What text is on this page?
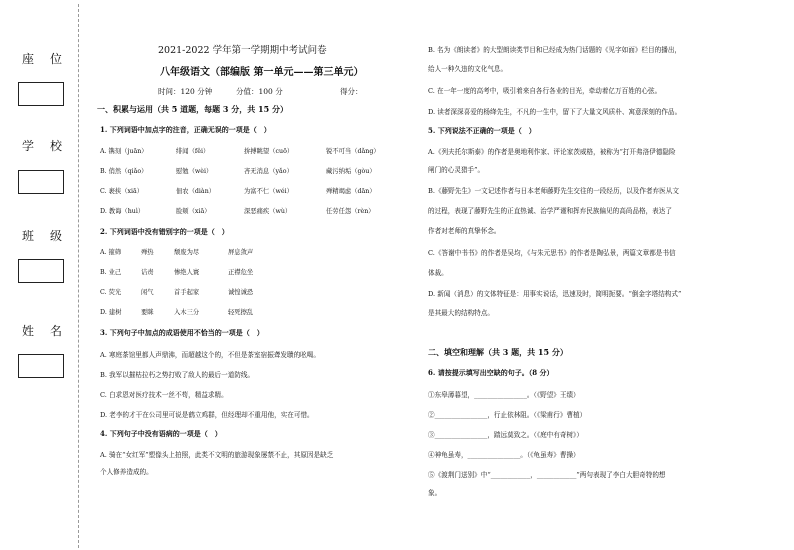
座位
学校
班级
姓名
2021-2022 学年第一学期期中考试问卷
八年级语文（部编版 第一单元——第三单元）
时间：120 分钟	分值：100 分	得分：
一、积累与运用（共 5 道题，每题 3 分，共 15 分）
1. 下列词语中加点字的注音，正确无误的一项是（　）
A. 镌刻（juān）	绯闻（fěi）	拚搏眺望（cuō）	锐不可当（dǎng）
B. 俏然（qiǎo）	慰勉（wèi）	吝无消息（yǎo）	藏污纳垢（gòu）
C. 裹挟（xiā）	佃农（diàn）	为富不仁（wéi）	殚精竭虑（dān）
D. 教诲（huì）	脸颊（xiā）	深恶痛疾（wù）	任劳任怨（rèn）
2. 下列词语中没有错别字的一项是（　）
A. 箍筛	殚热	颓废为尽	屏息敛声
B. 业己	诘责	惨绝人寰	正襟危坐
C. 荧光	闲气	首手起家	诚惶诚恐
D. 建树	要眯	入木三分	轻死擦乱
3. 下列句子中加点的成语使用不恰当的一项是（　）
A. 寒庭茶馆里都人声鼎沸，而超越这个的，不但是茶室宿振聋发聩的吆喝。
B. 我军以摧枯拉朽之势打败了敌人的最后一道防线。
C. 白求恩对医疗技术一丝不苟，精益求精。
D. 老李的才干在公司里可说是鹤立鸡群，但经理却不重用他，实在可惜。
4. 下列句子中没有语病的一项是（　）
A. 骑在“女红军”塑像头上拍照，此类不文明的旅游现象屡禁不止，其原因是缺乏
个人修养造成的。
B. 名为《朗读者》的大型朗读类节目和已经成为热门话题的《见字如面》栏目的播出，
给人一种久违的文化气息。
C. 在一年一度的高考中，吸引着来自各行各业的目光，牵动着亿万百姓的心弦。
D. 读者深深喜爱的杨绛先生，不凡的一生中，留下了大量文风质朴、寓意深刻的作品。
5. 下列说法不正确的一项是（　）
A.《列夫托尔斯泰》的作者是奥地利作家、评论家茨威格，被称为“打开弗洛伊德隐险
闸门的心灵猎手”。
B.《藤野先生》一文记述作者与日本老师藤野先生交往的一段经历，以及作者弃医从文
的过程，表现了藤野先生的正直热诚、治学严谨和挥弃民族偏见的高尚品格，表达了
作者对老师的真挚怀念。
C.《答谢中书书》的作者是吴均，《与朱元思书》的作者是陶弘景，两篇文章都是书信
体裁。
D. 新闻（消息）的文体特征是：用事实说话，迅速及时，简明扼要。“倒金字塔结构式”
是其最大的结构特点。
二、填空和理解（共 3 题，共 15 分）
6. 请按提示填写出空缺的句子。（8 分）
①东皋薄暮望，________________。（《野望》王绩）
②________________，行止依林阻。（《梁甫行》曹植）
③________________，踏远莫致之。（《庭中有奇树》）
④神龟虽寿，________________。（《龟虽寿》曹操）
⑤《渡荆门送别》中“____________，____________”两句表现了李白大胆奇特的想
象。
